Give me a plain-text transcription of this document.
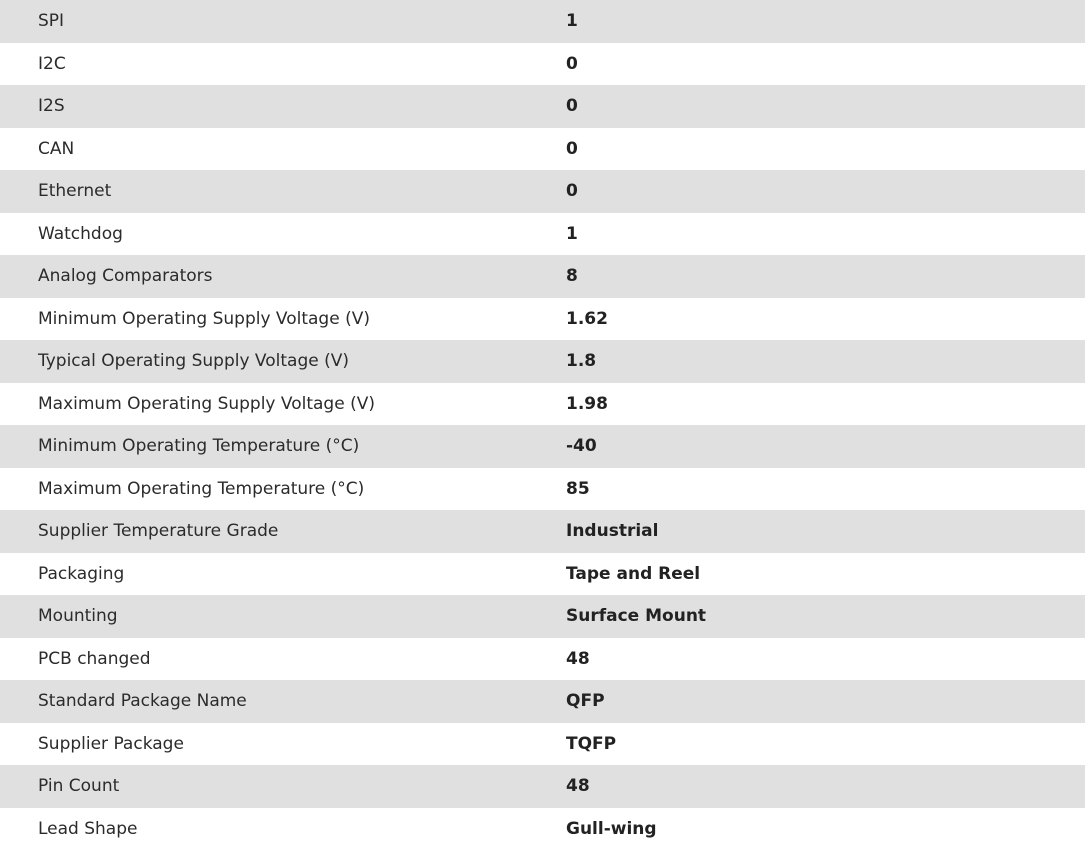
SPI	1
I2C	0
I2S	0
CAN	0
Ethernet	0
Watchdog	1
Analog Comparators	8
Minimum Operating Supply Voltage (V)	1.62
Typical Operating Supply Voltage (V)	1.8
Maximum Operating Supply Voltage (V)	1.98
Minimum Operating Temperature (°C)	-40
Maximum Operating Temperature (°C)	85
Supplier Temperature Grade	Industrial
Packaging	Tape and Reel
Mounting	Surface Mount
PCB changed	48
Standard Package Name	QFP
Supplier Package	TQFP
Pin Count	48
Lead Shape	Gull-wing
